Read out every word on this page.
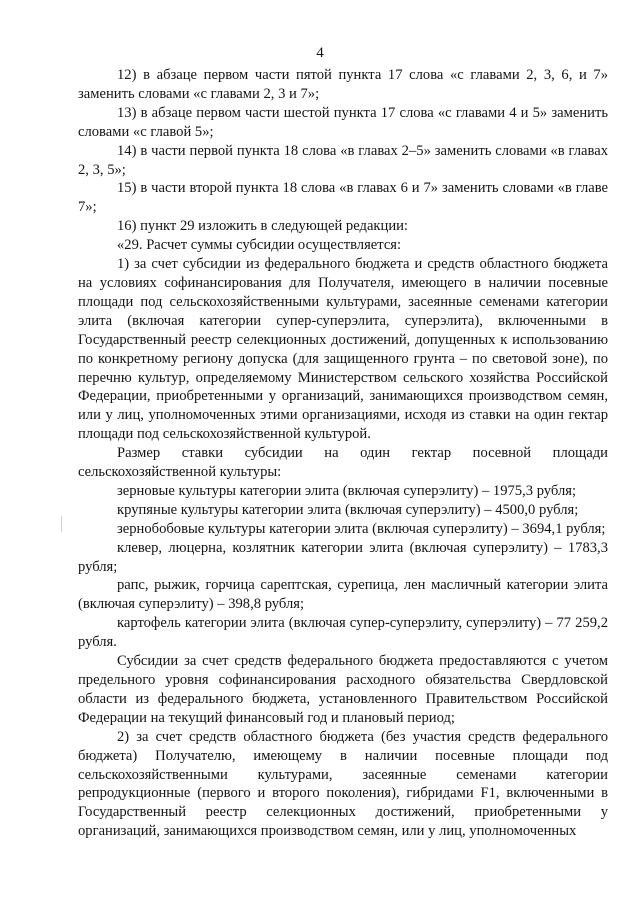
4

12) в абзаце первом части пятой пункта 17 слова «с главами 2, 3, 6, и 7» заменить словами «с главами 2, 3 и 7»;

13) в абзаце первом части шестой пункта 17 слова «с главами 4 и 5» заменить словами «с главой 5»;

14) в части первой пункта 18 слова «в главах 2–5» заменить словами «в главах 2, 3, 5»;

15) в части второй пункта 18 слова «в главах 6 и 7» заменить словами «в главе 7»;

16) пункт 29 изложить в следующей редакции:

«29. Расчет суммы субсидии осуществляется:

1) за счет субсидии из федерального бюджета и средств областного бюджета на условиях софинансирования для Получателя, имеющего в наличии посевные площади под сельскохозяйственными культурами, засеянные семенами категории элита (включая категории супер-суперэлита, суперэлита), включенными в Государственный реестр селекционных достижений, допущенных к использованию по конкретному региону допуска (для защищенного грунта – по световой зоне), по перечню культур, определяемому Министерством сельского хозяйства Российской Федерации, приобретенными у организаций, занимающихся производством семян, или у лиц, уполномоченных этими организациями, исходя из ставки на один гектар площади под сельскохозяйственной культурой.

Размер ставки субсидии на один гектар посевной площади сельскохозяйственной культуры:

зерновые культуры категории элита (включая суперэлиту) – 1975,3 рубля;

крупяные культуры категории элита (включая суперэлиту) – 4500,0 рубля;

зернобобовые культуры категории элита (включая суперэлиту) – 3694,1 рубля;

клевер, люцерна, козлятник категории элита (включая суперэлиту) – 1783,3 рубля;

рапс, рыжик, горчица сарептская, сурепица, лен масличный категории элита (включая суперэлиту) – 398,8 рубля;

картофель категории элита (включая супер-суперэлиту, суперэлиту) – 77 259,2 рубля.

Субсидии за счет средств федерального бюджета предоставляются с учетом предельного уровня софинансирования расходного обязательства Свердловской области из федерального бюджета, установленного Правительством Российской Федерации на текущий финансовый год и плановый период;

2) за счет средств областного бюджета (без участия средств федерального бюджета) Получателю, имеющему в наличии посевные площади под сельскохозяйственными культурами, засеянные семенами категории репродукционные (первого и второго поколения), гибридами F1, включенными в Государственный реестр селекционных достижений, приобретенными у организаций, занимающихся производством семян, или у лиц, уполномоченных
